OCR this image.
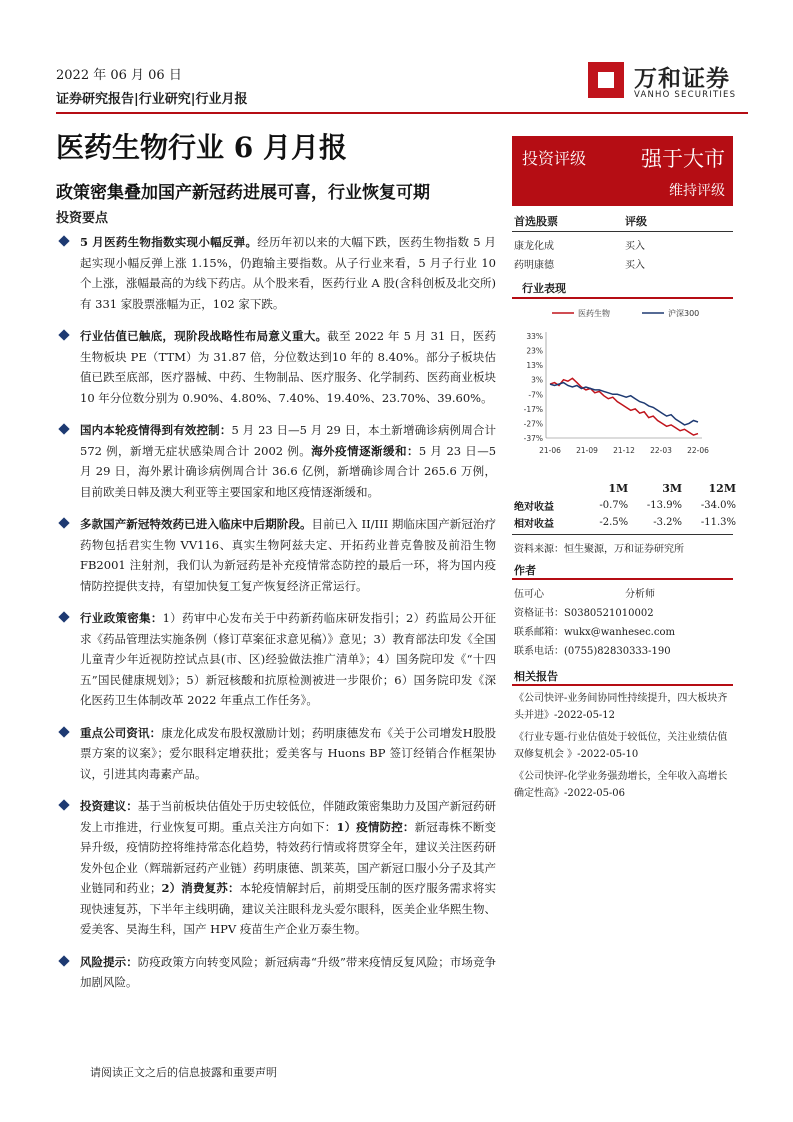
2022 年 06 月 06 日
证券研究报告|行业研究|行业月报
万和证券
VANHO SECURITIES
医药生物行业 6 月月报
政策密集叠加国产新冠药进展可喜，行业恢复可期
投资要点
5 月医药生物指数实现小幅反弹。经历年初以来的大幅下跌，医药生物指数 5 月起实现小幅反弹上涨 1.15%，仍跑输主要指数。从子行业来看，5 月子行业 10 个上涨，涨幅最高的为线下药店。从个股来看，医药行业 A 股(含科创板及北交所)有 331 家股票涨幅为正，102 家下跌。
行业估值已触底，现阶段战略性布局意义重大。截至 2022 年 5 月 31 日，医药生物板块 PE（TTM）为 31.87 倍，分位数达到10 年的 8.40%。部分子板块估值已跌至底部，医疗器械、中药、生物制品、医疗服务、化学制药、医药商业板块 10 年分位数分别为 0.90%、4.80%、7.40%、19.40%、23.70%、39.60%。
国内本轮疫情得到有效控制：5 月 23 日—5 月 29 日，本土新增确诊病例周合计 572 例，新增无症状感染周合计 2002 例。海外疫情逐渐缓和：5 月 23 日—5 月 29 日，海外累计确诊病例周合计 36.6 亿例，新增确诊周合计 265.6 万例，目前欧美日韩及澳大利亚等主要国家和地区疫情逐渐缓和。
多款国产新冠特效药已进入临床中后期阶段。目前已入 II/III 期临床国产新冠治疗药物包括君实生物 VV116、真实生物阿兹夫定、开拓药业普克鲁胺及前沿生物 FB2001 注射剂，我们认为新冠药是补充疫情常态防控的最后一环，将为国内疫情防控提供支持，有望加快复工复产恢复经济正常运行。
行业政策密集：1）药审中心发布关于中药新药临床研发指引；2）药监局公开征求《药品管理法实施条例（修订草案征求意见稿）》意见；3）教育部法印发《全国儿童青少年近视防控试点县(市、区)经验做法推广清单》；4）国务院印发《“十四五”国民健康规划》；5）新冠核酸和抗原检测被进一步限价；6）国务院印发《深化医药卫生体制改革 2022 年重点工作任务》。
重点公司资讯：康龙化成发布股权激励计划；药明康德发布《关于公司增发H股股票方案的议案》；爱尔眼科定增获批；爱美客与 Huons BP 签订经销合作框架协议，引进其肉毒素产品。
投资建议：基于当前板块估值处于历史较低位，伴随政策密集助力及国产新冠药研发上市推进，行业恢复可期。重点关注方向如下：1）疫情防控：新冠毒株不断变异升级，疫情防控将维持常态化趋势，特效药行情或将贯穿全年，建议关注医药研发外包企业（辉瑞新冠药产业链）药明康德、凯莱英，国产新冠口服小分子及其产业链同和药业；2）消费复苏：本轮疫情解封后，前期受压制的医疗服务需求将实现快速复苏，下半年主线明确，建议关注眼科龙头爱尔眼科，医美企业华熙生物、爱美客、昊海生科，国产 HPV 疫苗生产企业万泰生物。
风险提示：防疫政策方向转变风险；新冠病毒“升级”带来疫情反复风险；市场竞争加剧风险。
投资评级	强于大市
维持评级
首选股票	评级
康龙化成	买入
药明康德	买入
行业表现
医药生物	沪深300
33%
23%
13%
3%
-7%
-17%
-27%
-37%
21-06 21-09 21-12 22-03 22-06
	1M	3M	12M
绝对收益	-0.7%	-13.9%	-34.0%
相对收益	-2.5%	-3.2%	-11.3%
资料来源：恒生聚源，万和证券研究所
作者
伍可心	分析师
资格证书：S0380521010002
联系邮箱：wukx@wanhesec.com
联系电话：(0755)82830333-190
相关报告
《公司快评-业务间协同性持续提升，四大板块齐头并进》-2022-05-12
《行业专题-行业估值处于较低位，关注业绩估值双修复机会 》-2022-05-10
《公司快评-化学业务强劲增长，全年收入高增长确定性高》-2022-05-06
请阅读正文之后的信息披露和重要声明
